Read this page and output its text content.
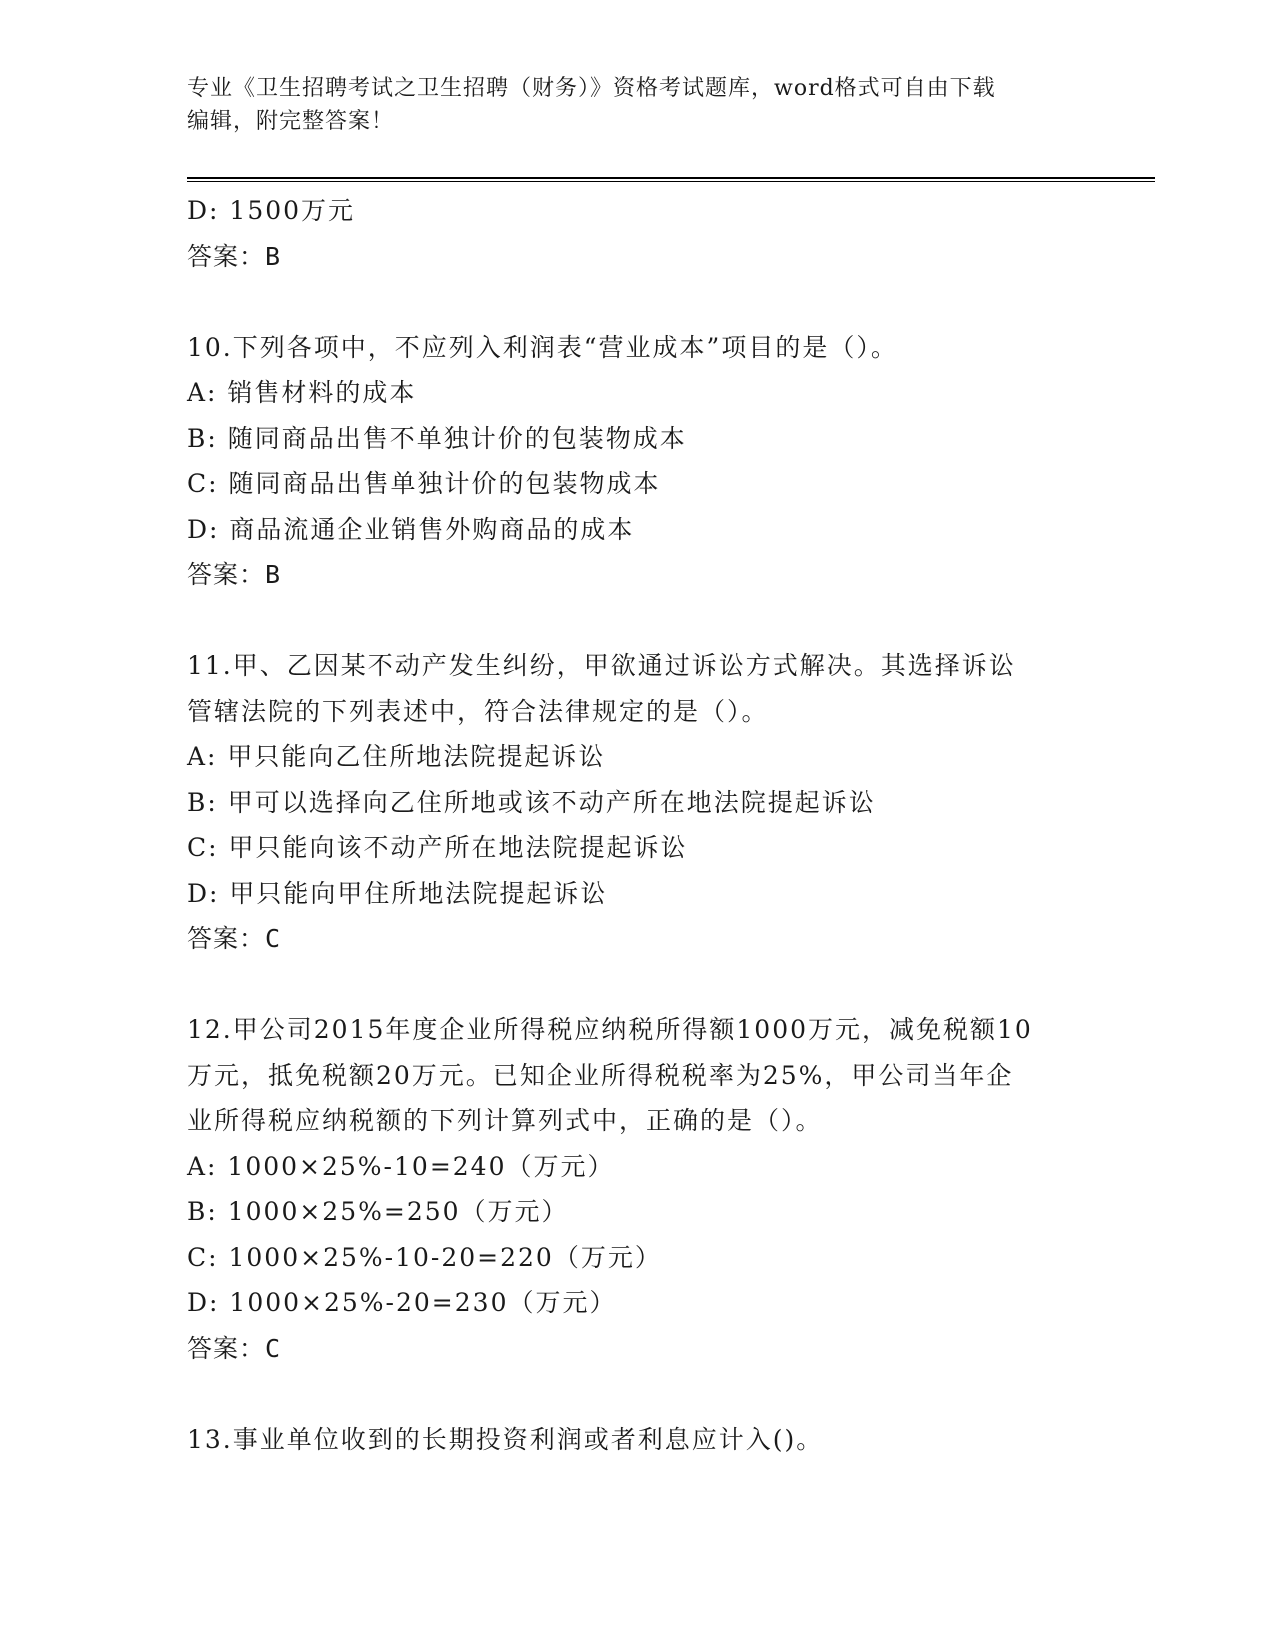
专业《卫生招聘考试之卫生招聘（财务）》资格考试题库，word格式可自由下载
编辑，附完整答案！
D: 1500万元
答案：B
10.下列各项中，不应列入利润表“营业成本”项目的是（）。
A: 销售材料的成本
B: 随同商品出售不单独计价的包装物成本
C: 随同商品出售单独计价的包装物成本
D: 商品流通企业销售外购商品的成本
答案：B
11.甲、乙因某不动产发生纠纷，甲欲通过诉讼方式解决。其选择诉讼
管辖法院的下列表述中，符合法律规定的是（）。
A: 甲只能向乙住所地法院提起诉讼
B: 甲可以选择向乙住所地或该不动产所在地法院提起诉讼
C: 甲只能向该不动产所在地法院提起诉讼
D: 甲只能向甲住所地法院提起诉讼
答案：C
12.甲公司2015年度企业所得税应纳税所得额1000万元，减免税额10
万元，抵免税额20万元。已知企业所得税税率为25%，甲公司当年企
业所得税应纳税额的下列计算列式中，正确的是（）。
A: 1000×25%-10=240（万元）
B: 1000×25%=250（万元）
C: 1000×25%-10-20=220（万元）
D: 1000×25%-20=230（万元）
答案：C
13.事业单位收到的长期投资利润或者利息应计入()。
